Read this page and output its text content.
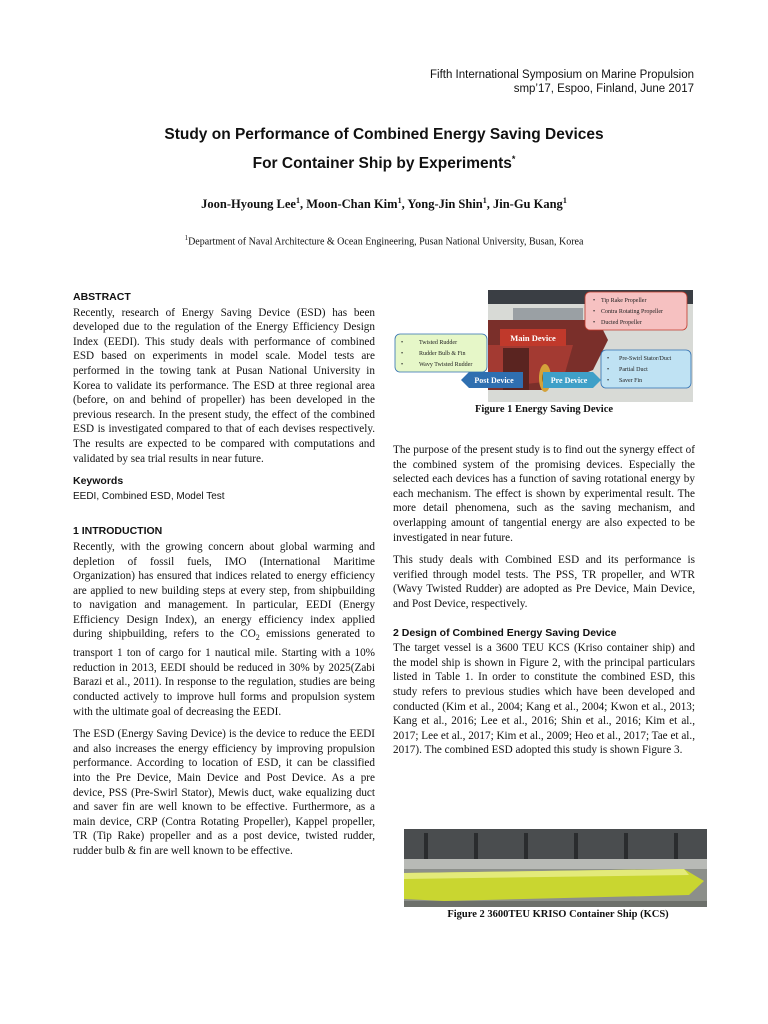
Fifth International Symposium on Marine Propulsion
smp’17, Espoo, Finland, June 2017
Study on Performance of Combined Energy Saving Devices
For Container Ship by Experiments*
Joon-Hyoung Lee$^1$, Moon-Chan Kim$^1$, Yong-Jin Shin$^1$, Jin-Gu Kang$^1$
$^1$Department of Naval Architecture & Ocean Engineering, Pusan National University, Busan, Korea
ABSTRACT

Recently, research of Energy Saving Device (ESD) has been developed due to the regulation of the Energy Efficiency Design Index (EEDI). This study deals with performance of combined ESD based on experiments in model scale. Model tests are performed in the towing tank at Pusan National University in Korea to validate its performance. The ESD at three regional area (before, on and behind of propeller) has been developed in the previous research. In the present study, the effect of the combined ESD is investigated compared to that of each devises respectively. The results are expected to be compared with computations and validated by sea trial results in near future.

Keywords
EEDI, Combined ESD, Model Test
1 INTRODUCTION

Recently, with the growing concern about global warming and depletion of fossil fuels, IMO (International Maritime Organization) has ensured that indices related to energy efficiency are applied to new building steps at every step, from shipbuilding to navigation and management. In particular, EEDI (Energy Efficiency Design Index), an energy efficiency index applied during shipbuilding, refers to the $CO_2$ emissions generated to transport 1 ton of cargo for 1 nautical mile. Starting with a 10% reduction in 2013, EEDI should be reduced in 30% by 2025(Zabi Barazi et al., 2011). In response to the regulation, studies are being conducted actively to improve hull forms and propulsion system with the ultimate goal of decreasing the EEDI.

The ESD (Energy Saving Device) is the device to reduce the EEDI and also increases the energy efficiency by improving propulsion performance. According to location of ESD, it can be classified into the Pre Device, Main Device and Post Device. As a pre device, PSS (Pre-Swirl Stator), Mewis duct, wake equalizing duct and saver fin are well known to be effective. Furthermore, as a main device, CRP (Contra Rotating Propeller), Kappel propeller, TR (Tip Rake) propeller and as a post device, twisted rudder, rudder bulb & fin are well known to be effective.

Main Device
Post Device	Pre Device
• Tip Rake Propeller
• Contra Rotating Propeller
• Ducted Propeller
•	Twisted Rudder
•	Rudder Bulb & Fin
•	Wavy Twisted Rudder
• Pre-Swirl Stator/Duct
• Partial Duct
• Saver Fin
Figure 1 Energy Saving Device

The purpose of the present study is to find out the synergy effect of the combined system of the promising devices. Especially the selected each devices has a function of saving rotational energy by each mechanism. The effect is shown by experimental result. The more detail phenomena, such as the saving mechanism, and overlapping amount of tangential energy are also expected to be investigated in near future.

This study deals with Combined ESD and its performance is verified through model tests. The PSS, TR propeller, and WTR (Wavy Twisted Rudder) are adopted as Pre Device, Main Device, and Post Device, respectively.

2 Design of Combined Energy Saving Device

The target vessel is a 3600 TEU KCS (Kriso container ship) and the model ship is shown in Figure 2, with the principal particulars listed in Table 1. In order to constitute the combined ESD, this study refers to previous studies which have been developed and conducted (Kim et al., 2004; Kang et al., 2004; Kwon et al., 2013; Kang et al., 2016; Lee et al., 2016; Shin et al., 2016; Kim et al., 2017; Lee et al., 2017; Kim et al., 2009; Heo et al., 2017; Tae et al., 2017). The combined ESD adopted this study is shown Figure 3.

Figure 2 3600TEU KRISO Container Ship (KCS)
